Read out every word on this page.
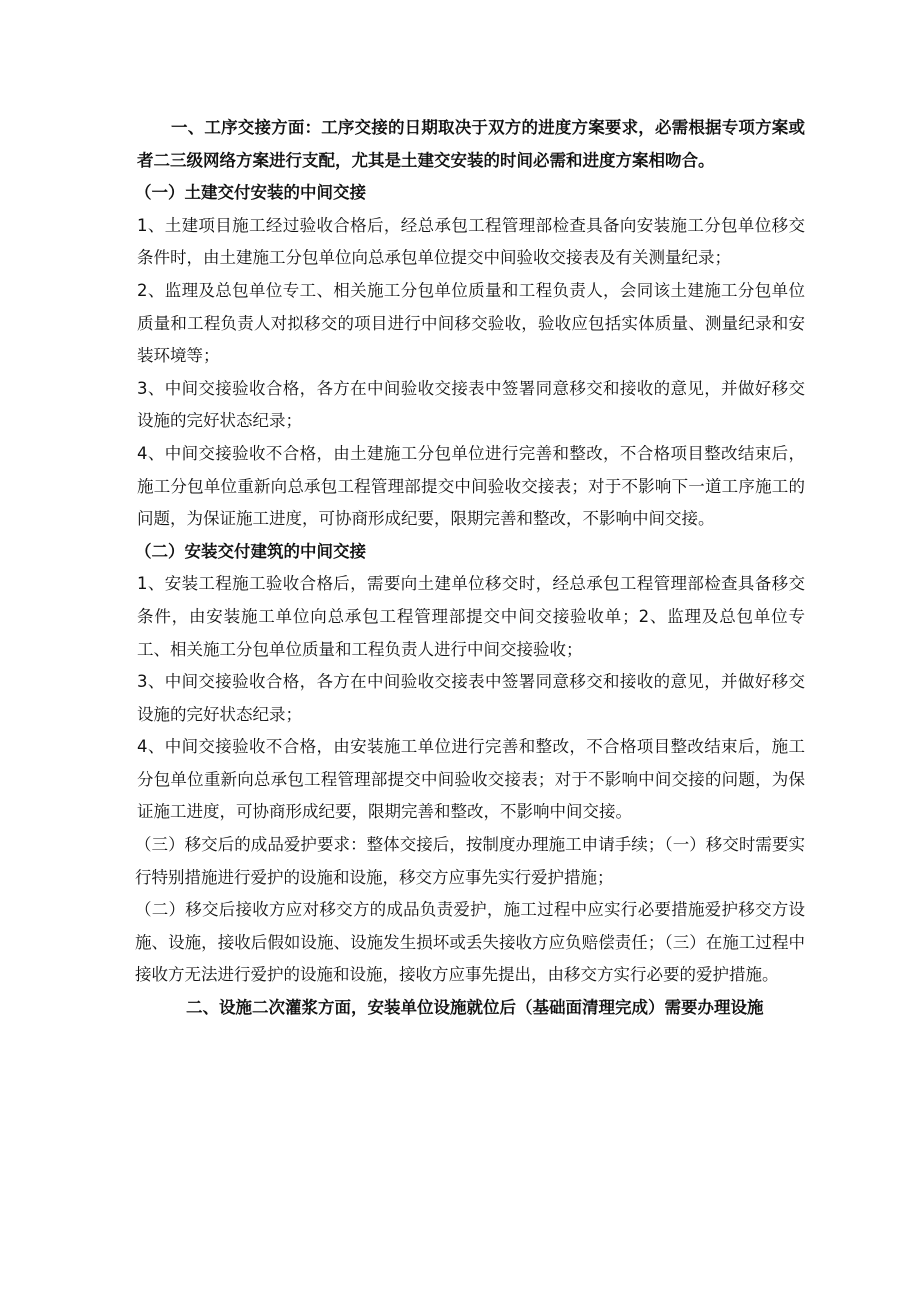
一、工序交接方面：工序交接的日期取决于双方的进度方案要求，必需根据专项方案或者二三级网络方案进行支配，尤其是土建交安装的时间必需和进度方案相吻合。

（一）土建交付安装的中间交接

1、土建项目施工经过验收合格后，经总承包工程管理部检查具备向安装施工分包单位移交条件时，由土建施工分包单位向总承包单位提交中间验收交接表及有关测量纪录；

2、监理及总包单位专工、相关施工分包单位质量和工程负责人，会同该土建施工分包单位质量和工程负责人对拟移交的项目进行中间移交验收，验收应包括实体质量、测量纪录和安装环境等；

3、中间交接验收合格，各方在中间验收交接表中签署同意移交和接收的意见，并做好移交设施的完好状态纪录；

4、中间交接验收不合格，由土建施工分包单位进行完善和整改，不合格项目整改结束后，施工分包单位重新向总承包工程管理部提交中间验收交接表；对于不影响下一道工序施工的问题，为保证施工进度，可协商形成纪要，限期完善和整改，不影响中间交接。

（二）安装交付建筑的中间交接

1、安装工程施工验收合格后，需要向土建单位移交时，经总承包工程管理部检查具备移交条件，由安装施工单位向总承包工程管理部提交中间交接验收单；2、监理及总包单位专工、相关施工分包单位质量和工程负责人进行中间交接验收；

3、中间交接验收合格，各方在中间验收交接表中签署同意移交和接收的意见，并做好移交设施的完好状态纪录；

4、中间交接验收不合格，由安装施工单位进行完善和整改，不合格项目整改结束后，施工分包单位重新向总承包工程管理部提交中间验收交接表；对于不影响中间交接的问题，为保证施工进度，可协商形成纪要，限期完善和整改，不影响中间交接。

（三）移交后的成品爱护要求：整体交接后，按制度办理施工申请手续；（一）移交时需要实行特别措施进行爱护的设施和设施，移交方应事先实行爱护措施；

（二）移交后接收方应对移交方的成品负责爱护，施工过程中应实行必要措施爱护移交方设施、设施，接收后假如设施、设施发生损坏或丢失接收方应负赔偿责任；（三）在施工过程中接收方无法进行爱护的设施和设施，接收方应事先提出，由移交方实行必要的爱护措施。

二、设施二次灌浆方面，安装单位设施就位后（基础面清理完成）需要办理设施
